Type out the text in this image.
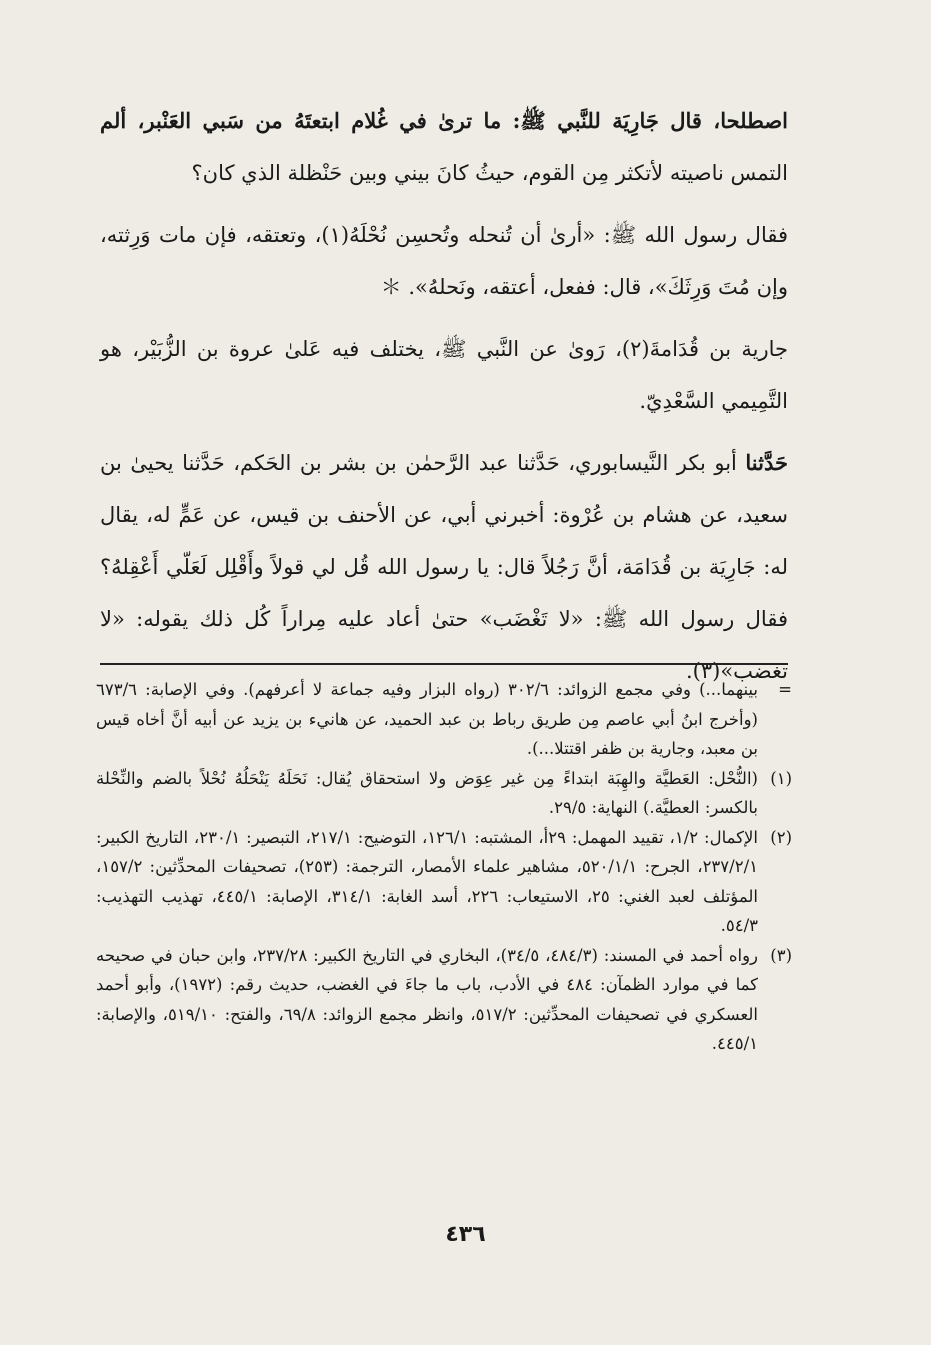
اصطلحا، قال جَارِيَة للنَّبي ﷺ: ما ترىٰ في غُلام ابتعتَهُ من سَبي العَنْبر، ألم التمس ناصيته لأتكثر مِن القوم، حيثُ كانَ بيني وبين حَنْظلة الذي كان؟

فقال رسول الله ﷺ: «أرىٰ أن تُنحله وتُحسِن نُحْلَهُ(١)، وتعتقه، فإن مات وَرِثته، وإن مُتَ وَرِثَكَ»، قال: ففعل، أعتقه، ونَحلهُ». ＊

جارية بن قُدَامةَ(٢)، رَوىٰ عن النَّبي ﷺ، يختلف فيه عَلىٰ عروة بن الزُّبَيْر، هو التَّمِيمي السَّعْدِيّ.

حَدَّثنا أبو بكر النَّيسابوري، حَدَّثنا عبد الرَّحمٰن بن بشر بن الحَكم، حَدَّثنا يحيىٰ بن سعيد، عن هشام بن عُرْوة: أخبرني أبي، عن الأحنف بن قيس، عن عَمٍّ له، يقال له: جَارِيَة بن قُدَامَة، أنَّ رَجُلاً قال: يا رسول الله قُل لي قولاً وأَقْلِل لَعَلّي أَعْقِلهُ؟ فقال رسول الله ﷺ: «لا تَغْضَب» حتىٰ أعاد عليه مِراراً كُل ذلك يقوله: «لا تغضب»(٣).

=
بينهما...) وفي مجمع الزوائد: ٣٠٢/٦ (رواه البزار وفيه جماعة لا أعرفهم). وفي الإصابة: ٦٧٣/٦ (وأخرج ابنُ أبي عاصم مِن طريق رباط بن عبد الحميد، عن هانيء بن يزيد عن أبيه أنَّ أخاه قيس بن معبد، وجارية بن ظفر اقتتلا...).
(١)
(النُّحْل: العَطيَّة والهِبَة ابتداءً مِن غير عِوَض ولا استحقاق يُقال: نَحَلَهُ يَنْحَلُهُ نُحْلاً بالضم والنِّحْلة بالكسر: العطيَّة.) النهاية: ٢٩/٥.
(٢)
الإكمال: ١/٢، تقييد المهمل: ٢٩أ، المشتبه: ١٢٦/١، التوضيح: ٢١٧/١، التبصير: ٢٣٠/١، التاريخ الكبير: ٢٣٧/٢/١، الجرح: ٥٢٠/١/١، مشاهير علماء الأمصار، الترجمة: (٢٥٣)، تصحيفات المحدِّثين: ١٥٧/٢، المؤتلف لعبد الغني: ٢٥، الاستيعاب: ٢٢٦، أسد الغابة: ٣١٤/١، الإصابة: ٤٤٥/١، تهذيب التهذيب: ٥٤/٣.
(٣)
رواه أحمد في المسند: (٤٨٤/٣، ٣٤/٥)، البخاري في التاريخ الكبير: ٢٣٧/٢٨، وابن حبان في صحيحه كما في موارد الظمآن: ٤٨٤ في الأدب، باب ما جاءَ في الغضب، حديث رقم: (١٩٧٢)، وأبو أحمد العسكري في تصحيفات المحدِّثين: ٥١٧/٢، وانظر مجمع الزوائد: ٦٩/٨، والفتح: ٥١٩/١٠، والإصابة: ٤٤٥/١.
٤٣٦
